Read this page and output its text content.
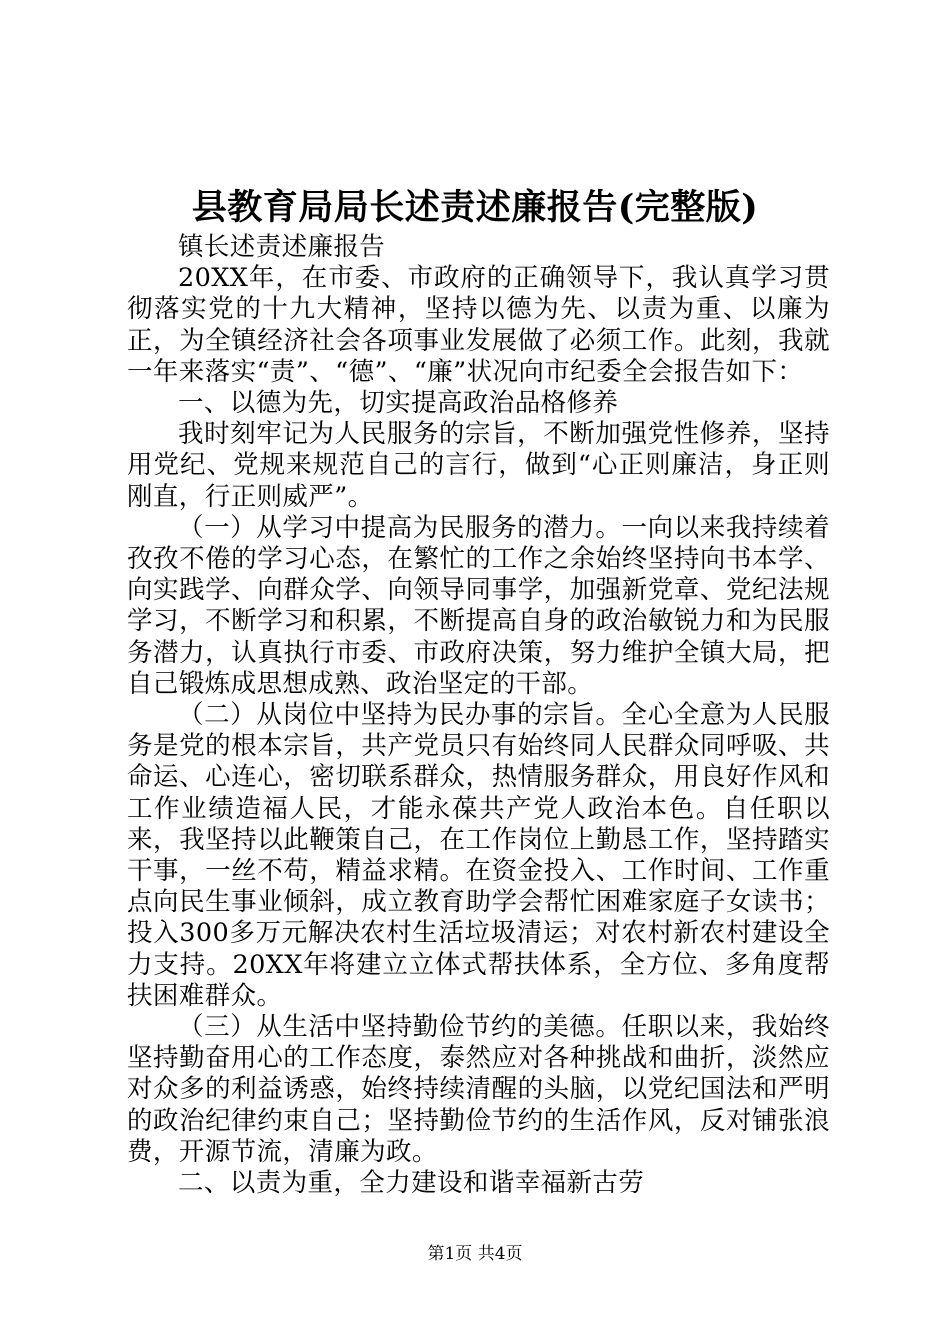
县教育局局长述责述廉报告(完整版)

镇长述责述廉报告

20XX年，在市委、市政府的正确领导下，我认真学习贯彻落实党的十九大精神，坚持以德为先、以责为重、以廉为正，为全镇经济社会各项事业发展做了必须工作。此刻，我就一年来落实“责”、“德”、“廉”状况向市纪委全会报告如下：

一、以德为先，切实提高政治品格修养

我时刻牢记为人民服务的宗旨，不断加强党性修养，坚持用党纪、党规来规范自己的言行，做到“心正则廉洁，身正则刚直，行正则威严”。

（一）从学习中提高为民服务的潜力。一向以来我持续着孜孜不倦的学习心态，在繁忙的工作之余始终坚持向书本学、向实践学、向群众学、向领导同事学，加强新党章、党纪法规学习，不断学习和积累，不断提高自身的政治敏锐力和为民服务潜力，认真执行市委、市政府决策，努力维护全镇大局，把自己锻炼成思想成熟、政治坚定的干部。

（二）从岗位中坚持为民办事的宗旨。全心全意为人民服务是党的根本宗旨，共产党员只有始终同人民群众同呼吸、共命运、心连心，密切联系群众，热情服务群众，用良好作风和工作业绩造福人民，才能永葆共产党人政治本色。自任职以来，我坚持以此鞭策自己，在工作岗位上勤恳工作，坚持踏实干事，一丝不苟，精益求精。在资金投入、工作时间、工作重点向民生事业倾斜，成立教育助学会帮忙困难家庭子女读书；投入300多万元解决农村生活垃圾清运；对农村新农村建设全力支持。20XX年将建立立体式帮扶体系，全方位、多角度帮扶困难群众。

（三）从生活中坚持勤俭节约的美德。任职以来，我始终坚持勤奋用心的工作态度，泰然应对各种挑战和曲折，淡然应对众多的利益诱惑，始终持续清醒的头脑，以党纪国法和严明的政治纪律约束自己；坚持勤俭节约的生活作风，反对铺张浪费，开源节流，清廉为政。

二、以责为重，全力建设和谐幸福新古劳

第1页 共4页
